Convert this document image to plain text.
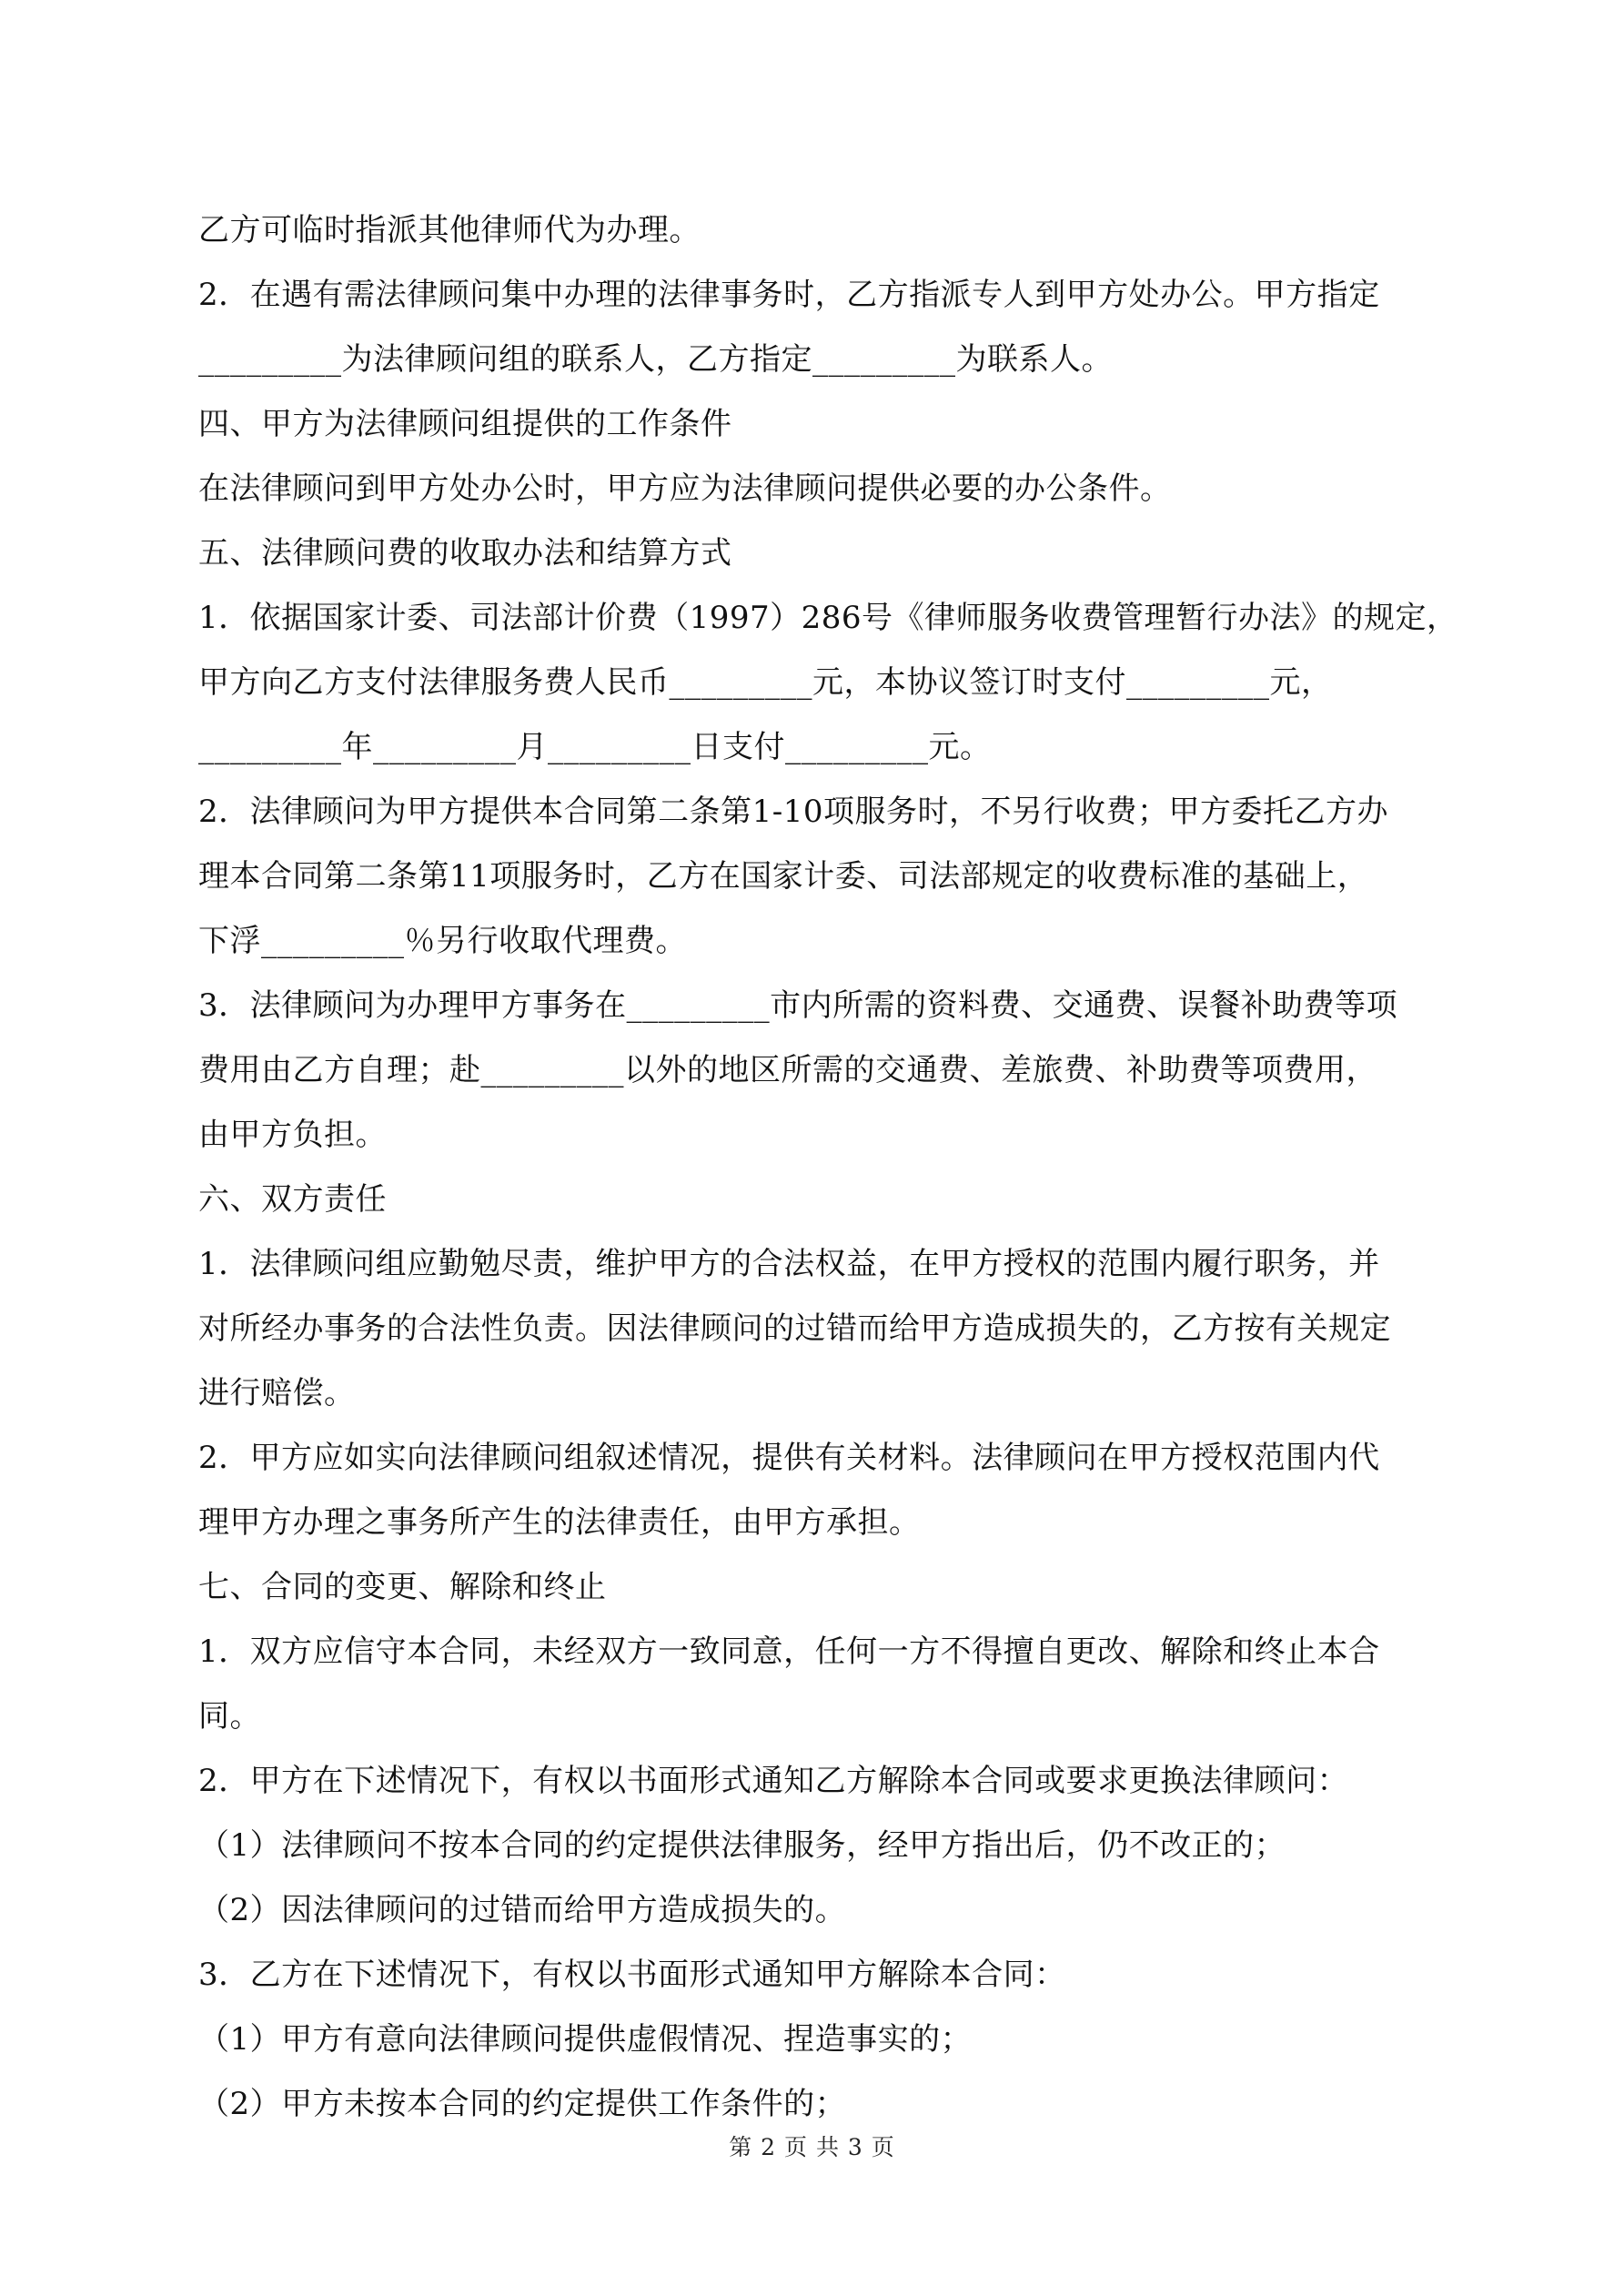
乙方可临时指派其他律师代为办理。
2．在遇有需法律顾问集中办理的法律事务时，乙方指派专人到甲方处办公。甲方指定
_________为法律顾问组的联系人，乙方指定_________为联系人。
四、甲方为法律顾问组提供的工作条件
在法律顾问到甲方处办公时，甲方应为法律顾问提供必要的办公条件。
五、法律顾问费的收取办法和结算方式
1．依据国家计委、司法部计价费（1997）286号《律师服务收费管理暂行办法》的规定，
甲方向乙方支付法律服务费人民币_________元，本协议签订时支付_________元，
_________年_________月_________日支付_________元。
2．法律顾问为甲方提供本合同第二条第1-10项服务时，不另行收费；甲方委托乙方办
理本合同第二条第11项服务时，乙方在国家计委、司法部规定的收费标准的基础上，
下浮_________％另行收取代理费。
3．法律顾问为办理甲方事务在_________市内所需的资料费、交通费、误餐补助费等项
费用由乙方自理；赴_________以外的地区所需的交通费、差旅费、补助费等项费用，
由甲方负担。
六、双方责任
1．法律顾问组应勤勉尽责，维护甲方的合法权益，在甲方授权的范围内履行职务，并
对所经办事务的合法性负责。因法律顾问的过错而给甲方造成损失的，乙方按有关规定
进行赔偿。
2．甲方应如实向法律顾问组叙述情况，提供有关材料。法律顾问在甲方授权范围内代
理甲方办理之事务所产生的法律责任，由甲方承担。
七、合同的变更、解除和终止
1．双方应信守本合同，未经双方一致同意，任何一方不得擅自更改、解除和终止本合
同。
2．甲方在下述情况下，有权以书面形式通知乙方解除本合同或要求更换法律顾问：
（1）法律顾问不按本合同的约定提供法律服务，经甲方指出后，仍不改正的；
（2）因法律顾问的过错而给甲方造成损失的。
3．乙方在下述情况下，有权以书面形式通知甲方解除本合同：
（1）甲方有意向法律顾问提供虚假情况、捏造事实的；
（2）甲方未按本合同的约定提供工作条件的；
第 2 页 共 3 页
